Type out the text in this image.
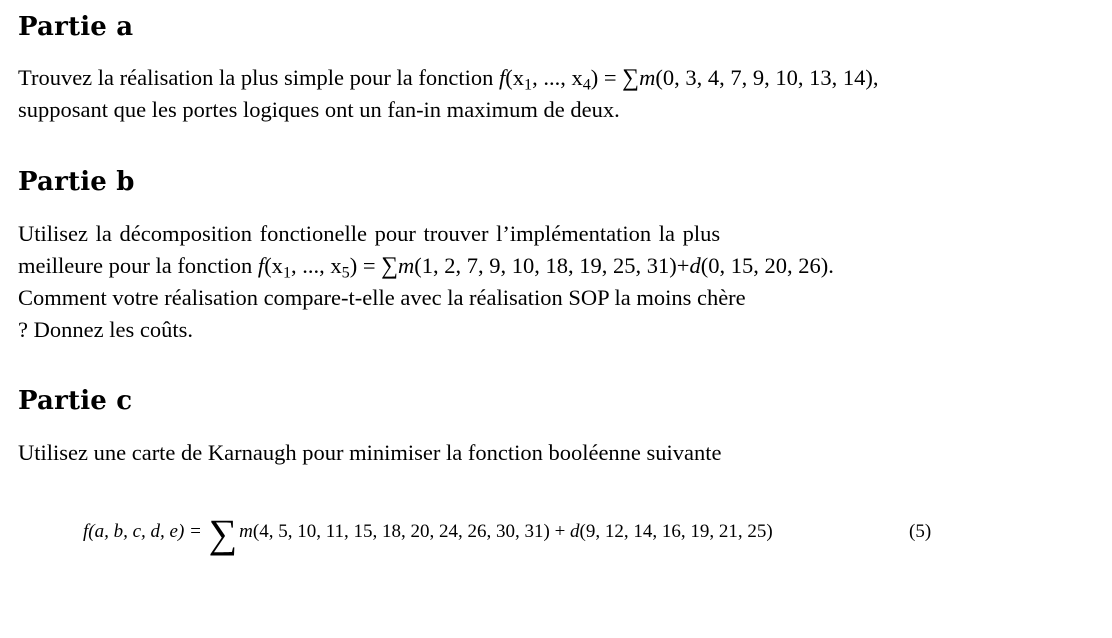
Partie a
Trouvez la réalisation la plus simple pour la fonction $f(x_1$, ..., $x_4) = \sum m(0$, 3, 4, 7, 9, 10, 13, 14),
supposant que les portes logiques ont un fan-in maximum de deux.
Partie b
Utilisez la décomposition fonctionelle pour trouver l’implémentation la plus
meilleure pour la fonction $f(x_1$, ..., $x_5) = \sum m(1$, 2, 7, 9, 10, 18, 19, 25, 31)+d(0, 15, 20, 26).
Comment votre réalisation compare-t-elle avec la réalisation SOP la moins chère
? Donnez les coûts.
Partie c
Utilisez une carte de Karnaugh pour minimiser la fonction booléenne suivante
f(a, b, c, d, e) = ∑ m(4, 5, 10, 11, 15, 18, 20, 24, 26, 30, 31) + d(9, 12, 14, 16, 19, 21, 25)	(5)
